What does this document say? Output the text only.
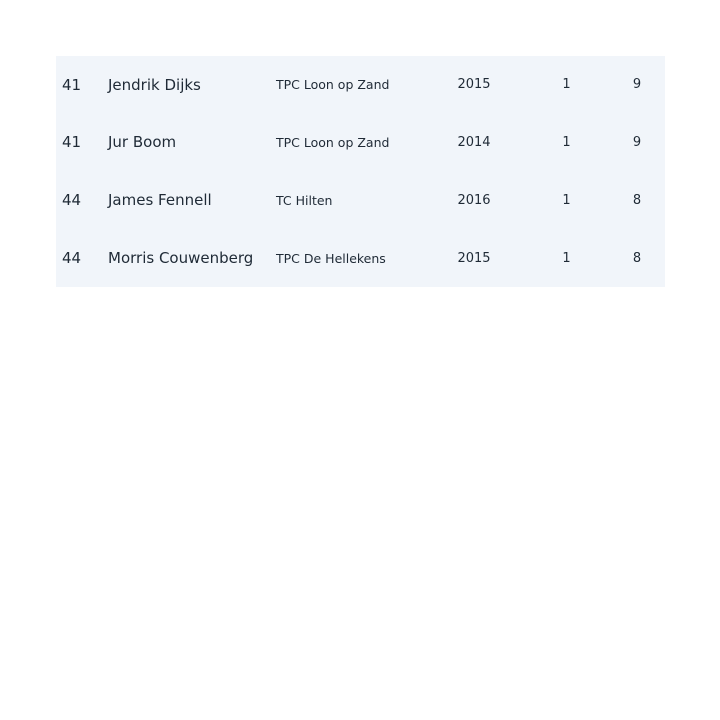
41	Jendrik Dijks	TPC Loon op Zand	2015	1	9
41	Jur Boom	TPC Loon op Zand	2014	1	9
44	James Fennell	TC Hilten	2016	1	8
44	Morris Couwenberg	TPC De Hellekens	2015	1	8
